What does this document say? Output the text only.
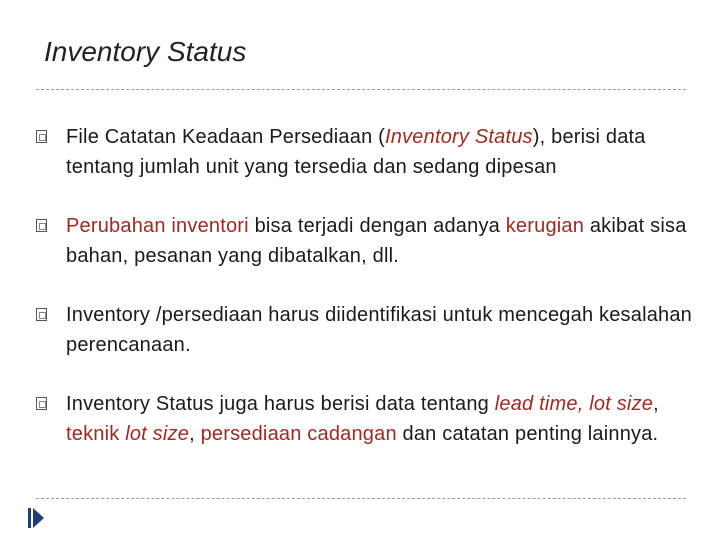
Inventory Status
File Catatan Keadaan Persediaan (Inventory Status), berisi data tentang jumlah unit yang tersedia dan sedang dipesan
Perubahan inventori bisa terjadi dengan adanya kerugian akibat sisa bahan, pesanan yang dibatalkan, dll.
Inventory /persediaan harus diidentifikasi untuk mencegah kesalahan perencanaan.
Inventory Status juga harus berisi data tentang lead time, lot size, teknik lot size, persediaan cadangan dan catatan penting lainnya.
